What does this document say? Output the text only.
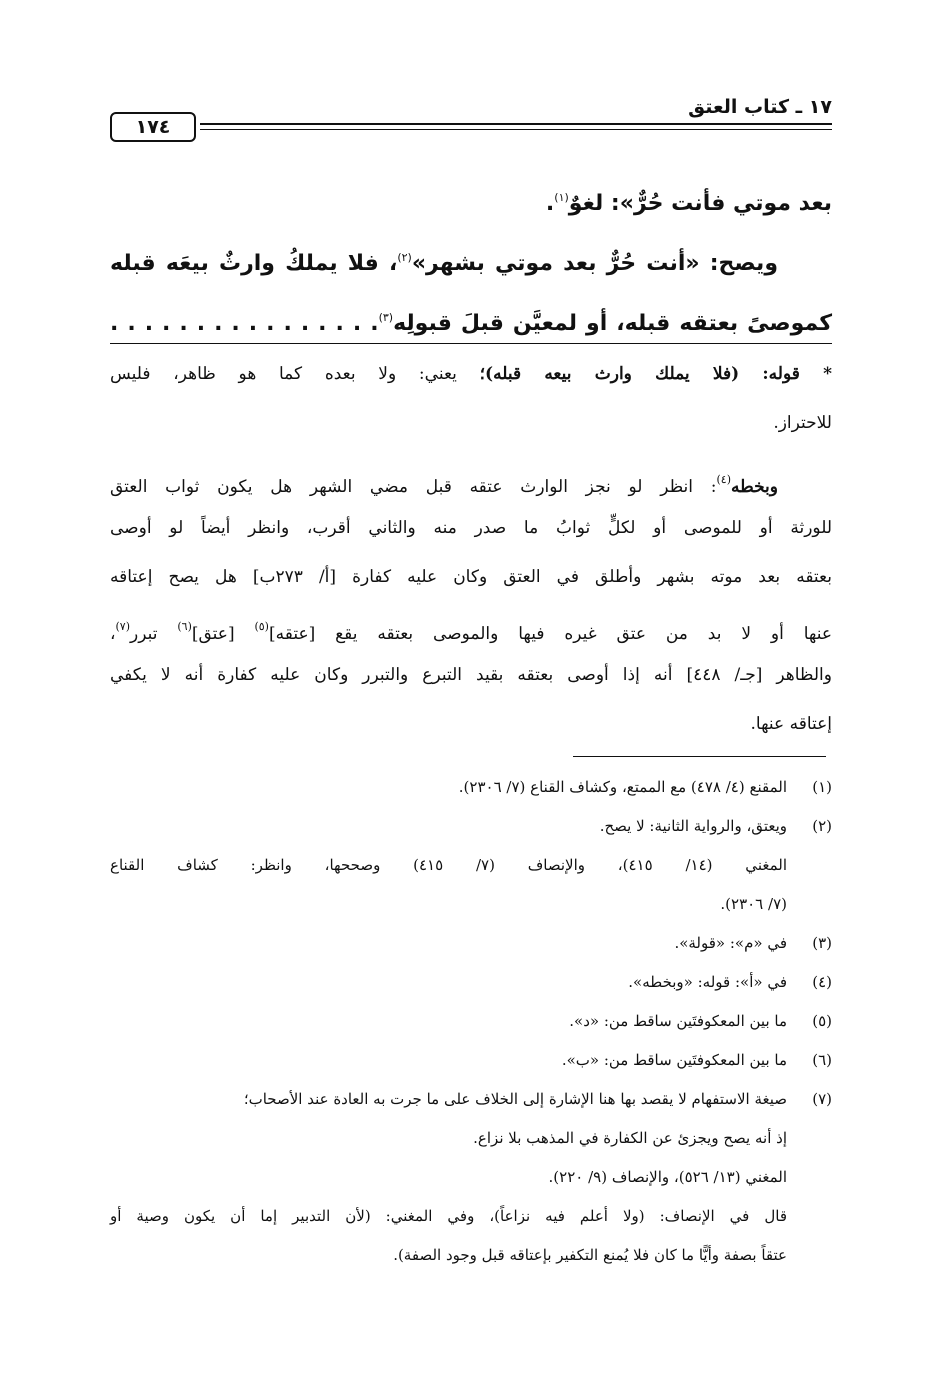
١٧ ـ كتاب العتق
١٧٤
بعد موتي فأنت حُرٌّ»: لغوٌ$^{(١)}$.
ويصح: «أنت حُرٌّ بعد موتي بشهر»$^{(٢)}$، فلا يملكُ وارثٌ بيعَه قبله
كموصىً بعتقه قبله، أو لمعيَّن قبلَ قبولِه$^{(٣)}$. . . . . . . . . . . . . . . .
* قوله: (فلا يملك وارث بيعه قبله)؛ يعني: ولا بعده كما هو ظاهر، فليس
للاحتراز.
وبخطه$^{(٤)}$: انظر لو نجز الوارث عتقه قبل مضي الشهر هل يكون ثواب العتق
للورثة أو للموصى أو لكلٍّ ثوابُ ما صدر منه والثاني أقرب، وانظر أيضاً لو أوصى
بعتقه بعد موته بشهر وأطلق في العتق وكان عليه كفارة [أ/ ٢٧٣ب] هل يصح إعتاقه
عنها أو لا بد من عتق غيره فيها والموصى بعتقه يقع [عتقه]$^{(٥)}$ [عتق]$^{(٦)}$ تبرر$^{(٧)}$،
والظاهر [جـ/ ٤٤٨] أنه إذا أوصى بعتقه بقيد التبرع والتبرر وكان عليه كفارة أنه لا يكفي
إعتاقه عنها.
(١)
المقنع (٤/ ٤٧٨) مع الممتع، وكشاف القناع (٧/ ٢٣٠٦).
(٢)
ويعتق، والرواية الثانية: لا يصح.
المغني (١٤/ ٤١٥)، والإنصاف (٧/ ٤١٥) وصححها، وانظر: كشاف القناع
(٧/ ٢٣٠٦).
(٣)
في «م»: «قولة».
(٤)
في «أ»: قوله: «وبخطه».
(٥)
ما بين المعكوفتَين ساقط من: «د».
(٦)
ما بين المعكوفتَين ساقط من: «ب».
(٧)
صيغة الاستفهام لا يقصد بها هنا الإشارة إلى الخلاف على ما جرت به العادة عند الأصحاب؛
إذ أنه يصح ويجزئ عن الكفارة في المذهب بلا نزاع.
المغني (١٣/ ٥٢٦)، والإنصاف (٩/ ٢٢٠).
قال في الإنصاف: (ولا أعلم فيه نزاعاً)، وفي المغني: (لأن التدبير إما أن يكون وصية أو
عتقاً بصفة وأيًّا ما كان فلا يُمنع التكفير بإعتاقه قبل وجود الصفة).
